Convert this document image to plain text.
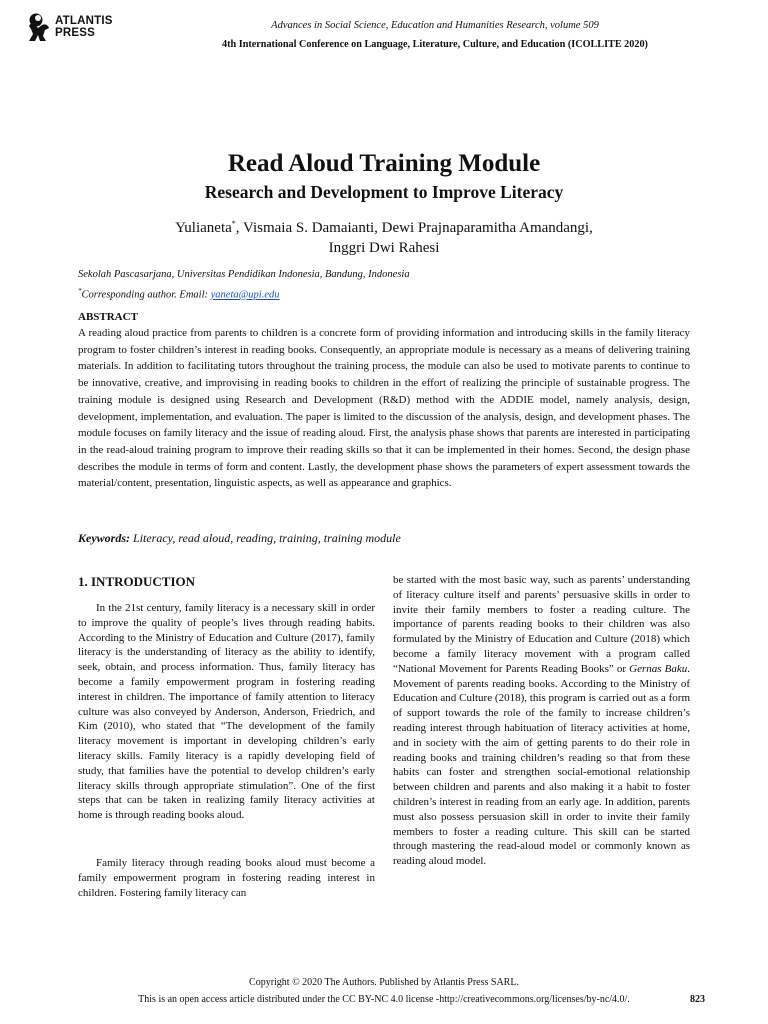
ATLANTIS
PRESS
Advances in Social Science, Education and Humanities Research, volume 509
4th International Conference on Language, Literature, Culture, and Education (ICOLLITE 2020)
Read Aloud Training Module
Research and Development to Improve Literacy
Yulianeta*, Vismaia S. Damaianti, Dewi Prajnaparamitha Amandangi,
Inggri Dwi Rahesi
Sekolah Pascasarjana, Universitas Pendidikan Indonesia, Bandung, Indonesia
*Corresponding author. Email: yaneta@upi.edu
ABSTRACT

A reading aloud practice from parents to children is a concrete form of providing information and introducing skills in the family literacy program to foster children’s interest in reading books. Consequently, an appropriate module is necessary as a means of delivering training materials. In addition to facilitating tutors throughout the training process, the module can also be used to motivate parents to continue to be innovative, creative, and improvising in reading books to children in the effort of realizing the principle of sustainable progress. The training module is designed using Research and Development (R&D) method with the ADDIE model, namely analysis, design, development, implementation, and evaluation. The paper is limited to the discussion of the analysis, design, and development phases. The module focuses on family literacy and the issue of reading aloud. First, the analysis phase shows that parents are interested in participating in the read-aloud training program to improve their reading skills so that it can be implemented in their homes. Second, the design phase describes the module in terms of form and content. Lastly, the development phase shows the parameters of expert assessment towards the material/content, presentation, linguistic aspects, as well as appearance and graphics.

Keywords: Literacy, read aloud, reading, training, training module
1. INTRODUCTION

In the 21st century, family literacy is a necessary skill in order to improve the quality of people’s lives through reading habits. According to the Ministry of Education and Culture (2017), family literacy is the understanding of literacy as the ability to identify, seek, obtain, and process information. Thus, family literacy has become a family empowerment program in fostering reading interest in children. The importance of family attention to literacy culture was also conveyed by Anderson, Anderson, Friedrich, and Kim (2010), who stated that “The development of the family literacy movement is important in developing children’s early literacy skills. Family literacy is a rapidly developing field of study, that families have the potential to develop children’s early literacy skills through appropriate stimulation”. One of the first steps that can be taken in realizing family literacy activities at home is through reading books aloud.

Family literacy through reading books aloud must become a family empowerment program in fostering reading interest in children. Fostering family literacy can

be started with the most basic way, such as parents’ understanding of literacy culture itself and parents’ persuasive skills in order to invite their family members to foster a reading culture. The importance of parents reading books to their children was also formulated by the Ministry of Education and Culture (2018) which become a family literacy movement with a program called “National Movement for Parents Reading Books” or Gernas Baku. Movement of parents reading books. According to the Ministry of Education and Culture (2018), this program is carried out as a form of support towards the role of the family to increase children’s reading interest through habituation of literacy activities at home, and in society with the aim of getting parents to do their role in reading books and training children’s reading so that from these habits can foster and strengthen social-emotional relationship between children and parents and also making it a habit to foster children’s interest in reading from an early age. In addition, parents must also possess persuasion skill in order to invite their family members to foster a reading culture. This skill can be started through mastering the read-aloud model or commonly known as reading aloud model.

Copyright © 2020 The Authors. Published by Atlantis Press SARL.
This is an open access article distributed under the CC BY-NC 4.0 license -http://creativecommons.org/licenses/by-nc/4.0/.	823
